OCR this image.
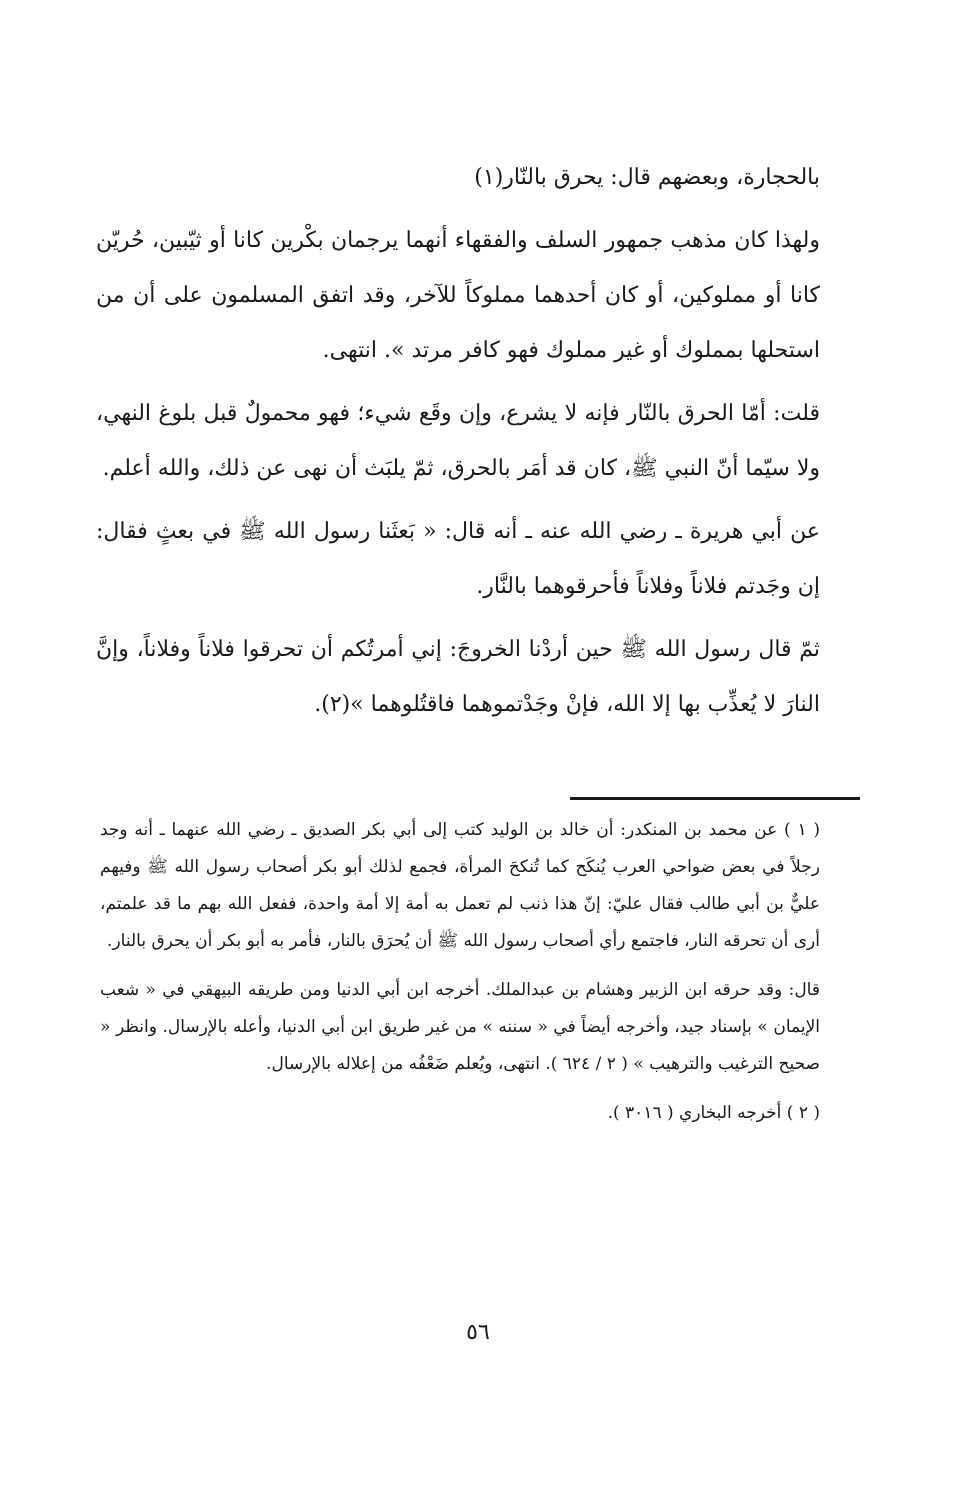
بالحجارة، وبعضهم قال: يحرق بالنّار(١)

ولهذا كان مذهب جمهور السلف والفقهاء أنهما يرجمان بكْرين كانا أو ثيّبين، حُريّن كانا أو مملوكين، أو كان أحدهما مملوكاً للآخر، وقد اتفق المسلمون على أن من استحلها بمملوك أو غير مملوك فهو كافر مرتد ». انتهى.

قلت: أمّا الحرق بالنّار فإنه لا يشرع، وإن وقَع شيء؛ فهو محمولٌ قبل بلوغ النهي، ولا سيّما أنّ النبي ﷺ، كان قد أمَر بالحرق، ثمّ يلبَث أن نهى عن ذلك، والله أعلم.

عن أبي هريرة ـ رضي الله عنه ـ أنه قال: « بَعثَنا رسول الله ﷺ في بعثٍ فقال: إن وجَدتم فلاناً وفلاناً فأحرقوهما بالنَّار.

ثمّ قال رسول الله ﷺ حين أردْنا الخروجَ: إني أمرتُكم أن تحرقوا فلاناً وفلاناً، وإنَّ النارَ لا يُعذِّب بها إلا الله، فإنْ وجَدْتموهما فاقتُلوهما »(٢).

( ١ ) عن محمد بن المنكدر: أن خالد بن الوليد كتب إلى أبي بكر الصديق ـ رضي الله عنهما ـ أنه وجد رجلاً في بعض ضواحي العرب يُنكَح كما تُنكحَ المرأة، فجمع لذلك أبو بكر أصحاب رسول الله ﷺ وفيهم عليٌّ بن أبي طالب فقال عليّ: إنّ هذا ذنب لم تعمل به أمة إلا أمة واحدة، ففعل الله بهم ما قد علمتم، أرى أن تحرقه النار، فاجتمع رأي أصحاب رسول الله ﷺ أن يُحرَق بالنار، فأمر به أبو بكر أن يحرق بالنار.

قال: وقد حرقه ابن الزبير وهشام بن عبدالملك. أخرجه ابن أبي الدنيا ومن طريقه البيهقي في « شعب الإيمان » بإسناد جيد، وأخرجه أيضاً في « سننه » من غير طريق ابن أبي الدنيا، وأعله بالإرسال. وانظر « صحيح الترغيب والترهيب » ( ٢ / ٦٢٤ ). انتهى، ويُعلم ضَعْفُه من إعلاله بالإرسال.

( ٢ ) أخرجه البخاري ( ٣٠١٦ ).

٥٦
